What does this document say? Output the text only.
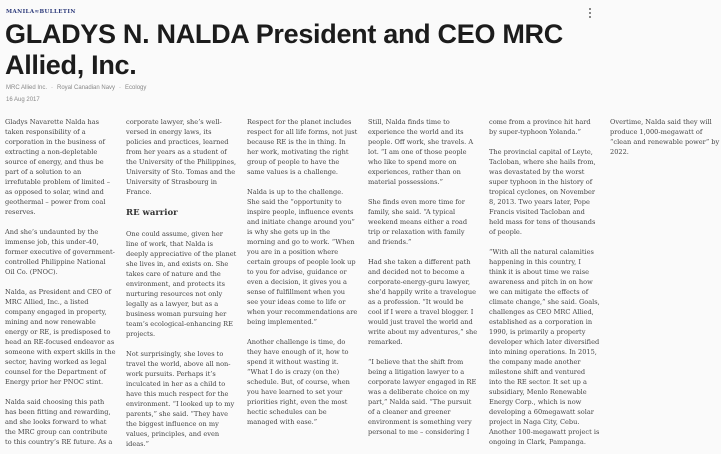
MANILA≈BULLETIN
GLADYS N. NALDA President and CEO MRC Allied, Inc.
MRC Allied Inc. · Royal Canadian Navy · Ecology
16 Aug 2017

Gladys Navarette Nalda has taken responsibility of a corporation in the business of extracting a non-depletable source of energy, and thus be part of a solution to an irrefutable problem of limited – as opposed to solar, wind and geothermal – power from coal reserves.

And she’s undaunted by the immense job, this under-40, former executive of government-controlled Philippine National Oil Co. (PNOC).

Nalda, as President and CEO of MRC Allied, Inc., a listed company engaged in property, mining and now renewable energy or RE, is predisposed to head an RE-focused endeavor as someone with expert skills in the sector, having worked as legal counsel for the Department of Energy prior her PNOC stint.

Nalda said choosing this path has been fitting and rewarding, and she looks forward to what the MRC group can contribute to this country’s RE future. As a corporate lawyer, she’s well-versed in energy laws, its policies and practices, learned from her years as a student of the University of the Philippines, University of Sto. Tomas and the University of Strasbourg in France.

RE warrior

One could assume, given her line of work, that Nalda is deeply appreciative of the planet she lives in, and exists on. She takes care of nature and the environment, and protects its nurturing resources not only legally as a lawyer, but as a business woman pursuing her team’s ecological-enhancing RE projects.

Not surprisingly, she loves to travel the world, above all non-work pursuits. Perhaps it’s inculcated in her as a child to have this much respect for the environment. “I looked up to my parents,” she said. “They have the biggest influence on my values, principles, and even ideas.”

Respect for the planet includes respect for all life forms, not just because RE is the in thing. In her work, motivating the right group of people to have the same values is a challenge.

Nalda is up to the challenge. She said the “opportunity to inspire people, influence events and initiate change around you” is why she gets up in the morning and go to work. “When you are in a position where certain groups of people look up to you for advise, guidance or even a decision, it gives you a sense of fulfillment when you see your ideas come to life or when your recommendations are being implemented.”

Another challenge is time, do they have enough of it, how to spend it without wasting it. “What I do is crazy (on the) schedule. But, of course, when you have learned to set your priorities right, even the most hectic schedules can be managed with ease.”

Still, Nalda finds time to experience the world and its people. Off work, she travels. A lot. “I am one of those people who like to spend more on experiences, rather than on material possessions.”

She finds even more time for family, she said. “A typical weekend means either a road trip or relaxation with family and friends.”

Had she taken a different path and decided not to become a corporate-energy-guru lawyer, she’d happily write a travelogue as a profession. “It would be cool if I were a travel blogger. I would just travel the world and write about my adventures,” she remarked.

“I believe that the shift from being a litigation lawyer to a corporate lawyer engaged in RE was a deliberate choice on my part,” Nalda said. “The pursuit of a cleaner and greener environment is something very personal to me – considering I come from a province hit hard by super-typhoon Yolanda.”

The provincial capital of Leyte, Tacloban, where she hails from, was devastated by the worst super typhoon in the history of tropical cyclones, on November 8, 2013. Two years later, Pope Francis visited Tacloban and held mass for tens of thousands of people.

“With all the natural calamities happening in this country, I think it is about time we raise awareness and pitch in on how we can mitigate the effects of climate change,” she said. Goals, challenges as CEO MRC Allied, established as a corporation in 1990, is primarily a property developer which later diversified into mining operations. In 2015, the company made another milestone shift and ventured into the RE sector. It set up a subsidiary, Menlo Renewable Energy Corp., which is now developing a 60megawatt solar project in Naga City, Cebu. Another 100-megawatt project is ongoing in Clark, Pampanga.

Overtime, Nalda said they will produce 1,000-megawatt of “clean and renewable power” by 2022.
